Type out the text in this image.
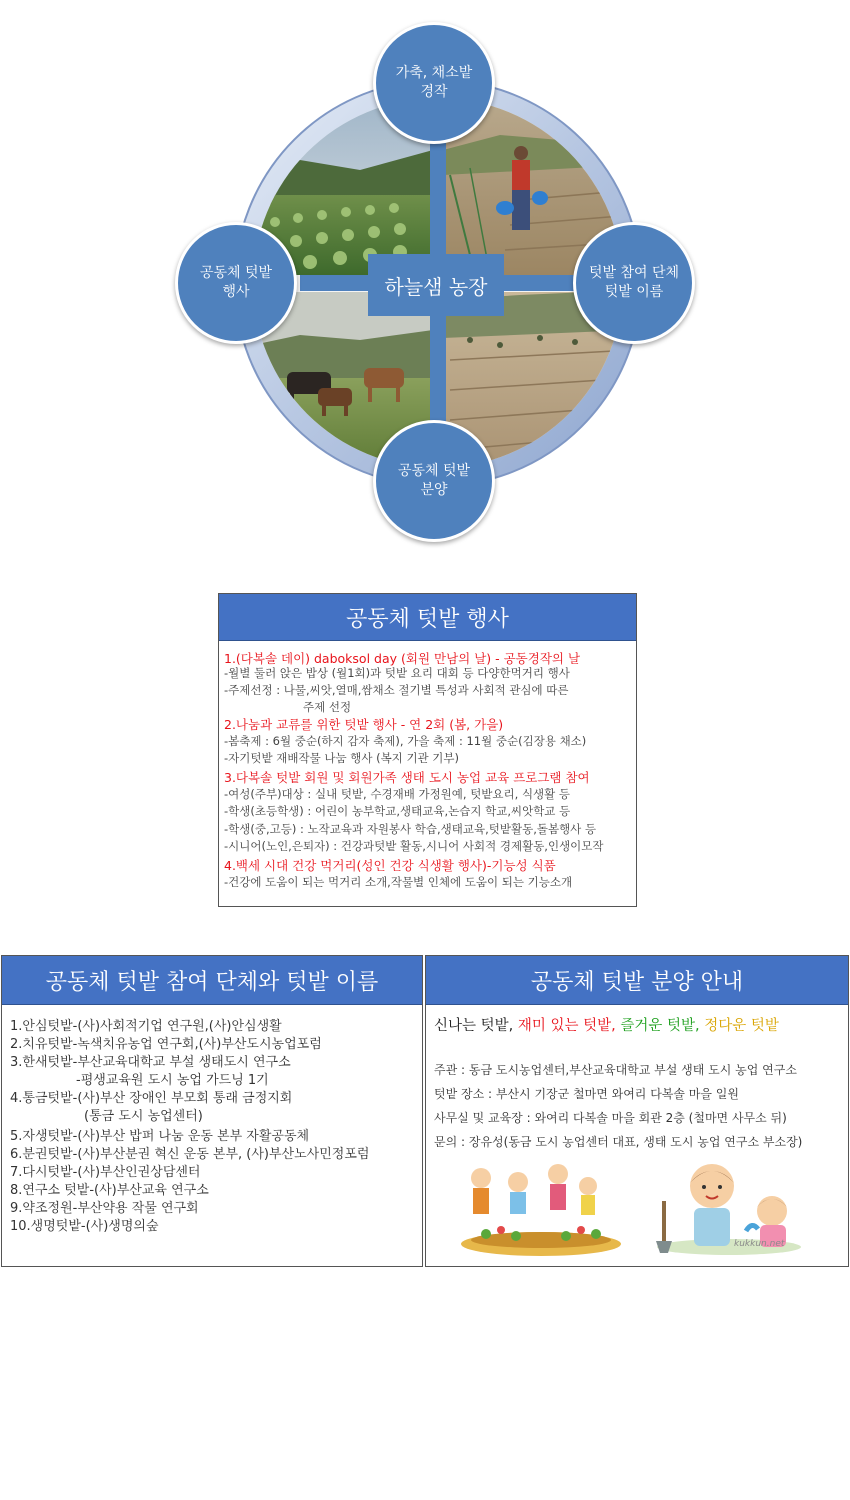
하늘샘 농장
가축, 채소밭
경작
공동체 텃밭
행사
텃밭 참여 단체
텃밭 이름
공동체 텃밭
분양
공동체 텃밭 행사
1.(다복솔 데이) daboksol day (회원 만남의 날) - 공동경작의 날
-월별 둘러 앉은 밥상 (월1회)과 텃밭 요리 대회 등 다양한먹거리 행사
-주제선정 : 나물,씨앗,열매,쌈채소 절기별 특성과 사회적 관심에 따른
주제 선정
2.나눔과 교류를 위한 텃밭 행사 - 연 2회 (봄, 가을)
-봄축제 : 6월 중순(하지 감자 축제), 가을 축제 : 11월 중순(김장용 채소)
-자기텃밭 재배작물 나눔 행사 (복지 기관 기부)
3.다복솔 텃밭 회원 및 회원가족 생태 도시 농업 교육 프로그램 참여
-여성(주부)대상 : 실내 텃밭, 수경재배 가정원예, 텃밭요리, 식생활 등
-학생(초등학생) : 어린이 농부학교,생태교육,논습지 학교,씨앗학교 등
-학생(중,고등) : 노작교육과 자원봉사 학습,생태교육,텃밭활동,돌봄행사 등
-시니어(노인,은퇴자) : 건강과텃밭 활동,시니어 사회적 경제활동,인생이모작
4.백세 시대 건강 먹거리(성인 건강 식생활 행사)-기능성 식품
-건강에 도움이 되는 먹거리 소개,작물별 인체에 도움이 되는 기능소개
공동체 텃밭 참여 단체와 텃밭 이름
1.안심텃밭-(사)사회적기업 연구원,(사)안심생활
2.치유텃밭-녹색치유농업 연구회,(사)부산도시농업포럼
3.한새텃밭-부산교육대학교 부설 생태도시 연구소
-평생교육원 도시 농업 가드닝 1기
4.통금텃밭-(사)부산 장애인 부모회 통래 금정지회
(통금 도시 농업센터)
5.자생텃밭-(사)부산 밥퍼 나눔 운동 본부 자활공동체
6.분권텃밭-(사)부산분권 혁신 운동 본부, (사)부산노사민정포럼
7.다시텃밭-(사)부산인권상담센터
8.연구소 텃밭-(사)부산교육 연구소
9.약조정원-부산약용 작물 연구회
10.생명텃밭-(사)생명의숲
공동체 텃밭 분양 안내
신나는 텃밭, 재미 있는 텃밭, 즐거운 텃밭, 정다운 텃밭
주관 : 동금 도시농업센터,부산교육대학교 부설 생태 도시 농업 연구소
텃밭 장소 : 부산시 기장군 철마면 와여리 다복솔 마을 일원
사무실 및 교육장 : 와여리 다복솔 마을 회관 2층 (철마면 사무소 뒤)
문의 : 장유성(동금 도시 농업센터 대표, 생태 도시 농업 연구소 부소장)
kukkun.net
